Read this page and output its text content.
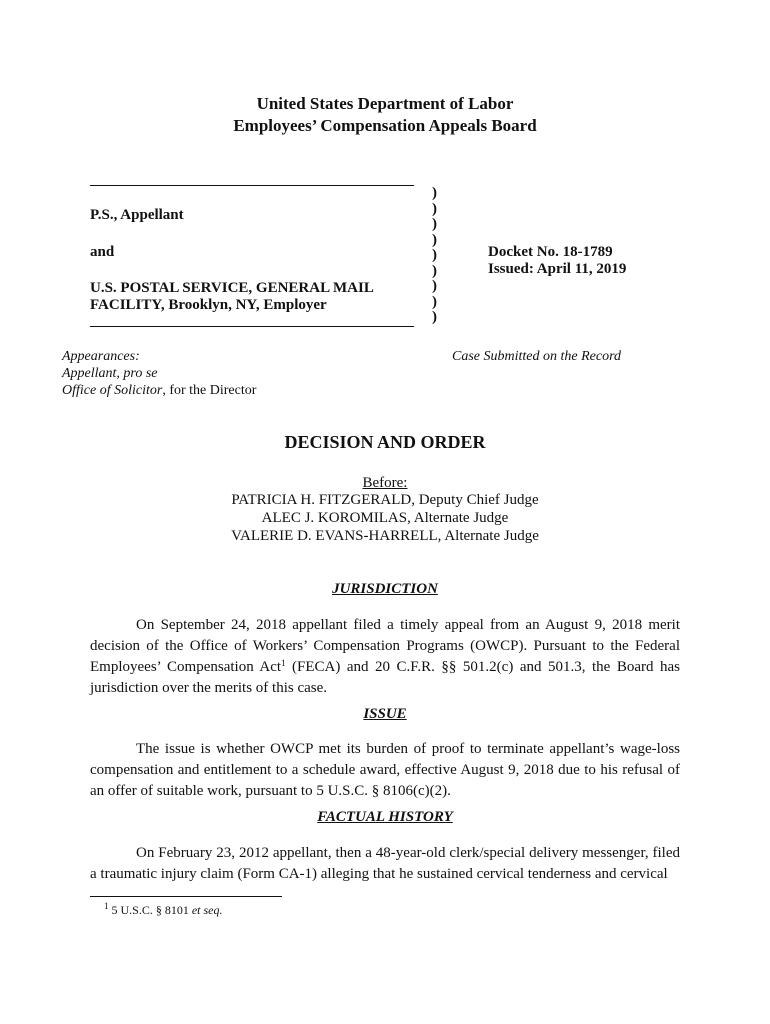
United States Department of Labor
Employees’ Compensation Appeals Board
P.S., Appellant
and
U.S. POSTAL SERVICE, GENERAL MAIL
FACILITY, Brooklyn, NY, Employer
)
)
)
)
)
)
)
)
)
Docket No. 18-1789
Issued: April 11, 2019
Appearances:
Appellant, pro se
Office of Solicitor, for the Director
Case Submitted on the Record
DECISION AND ORDER
Before:
PATRICIA H. FITZGERALD, Deputy Chief Judge
ALEC J. KOROMILAS, Alternate Judge
VALERIE D. EVANS-HARRELL, Alternate Judge
JURISDICTION
On September 24, 2018 appellant filed a timely appeal from an August 9, 2018 merit decision of the Office of Workers’ Compensation Programs (OWCP). Pursuant to the Federal Employees’ Compensation Act$^1$ (FECA) and 20 C.F.R. §§ 501.2(c) and 501.3, the Board has jurisdiction over the merits of this case.
ISSUE
The issue is whether OWCP met its burden of proof to terminate appellant’s wage-loss compensation and entitlement to a schedule award, effective August 9, 2018 due to his refusal of an offer of suitable work, pursuant to 5 U.S.C. § 8106(c)(2).
FACTUAL HISTORY
On February 23, 2012 appellant, then a 48-year-old clerk/special delivery messenger, filed a traumatic injury claim (Form CA-1) alleging that he sustained cervical tenderness and cervical
$^1$ 5 U.S.C. § 8101 et seq.
